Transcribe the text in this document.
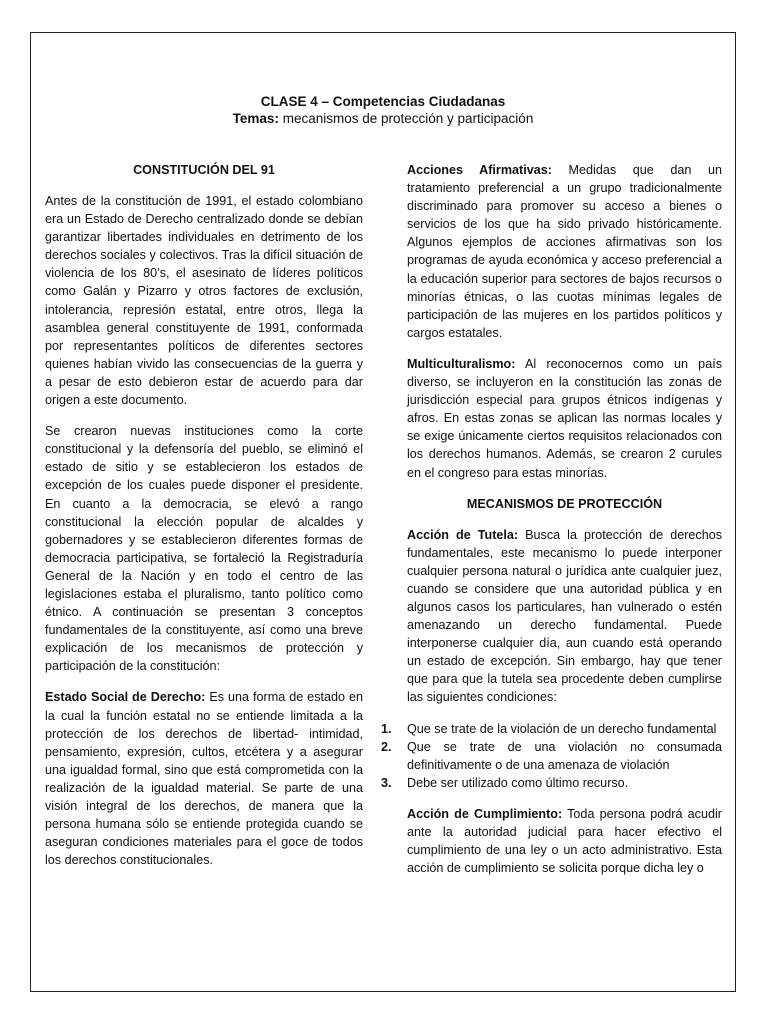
CLASE 4 – Competencias Ciudadanas
Temas: mecanismos de protección y participación
CONSTITUCIÓN DEL 91

Antes de la constitución de 1991, el estado colombiano era un Estado de Derecho centralizado donde se debían garantizar libertades individuales en detrimento de los derechos sociales y colectivos. Tras la difícil situación de violencia de los 80’s, el asesinato de líderes políticos como Galán y Pizarro y otros factores de exclusión, intolerancia, represión estatal, entre otros, llega la asamblea general constituyente de 1991, conformada por representantes políticos de diferentes sectores quienes habían vivido las consecuencias de la guerra y a pesar de esto debieron estar de acuerdo para dar origen a este documento.

Se crearon nuevas instituciones como la corte constitucional y la defensoría del pueblo, se eliminó el estado de sitio y se establecieron los estados de excepción de los cuales puede disponer el presidente. En cuanto a la democracia, se elevó a rango constitucional la elección popular de alcaldes y gobernadores y se establecieron diferentes formas de democracia participativa, se fortaleció la Registraduría General de la Nación y en todo el centro de las legislaciones estaba el pluralismo, tanto político como étnico. A continuación se presentan 3 conceptos fundamentales de la constituyente, así como una breve explicación de los mecanismos de protección y participación de la constitución:

Estado Social de Derecho: Es una forma de estado en la cual la función estatal no se entiende limitada a la protección de los derechos de libertad- intimidad, pensamiento, expresión, cultos, etcétera y a asegurar una igualdad formal, sino que está comprometida con la realización de la igualdad material. Se parte de una visión integral de los derechos, de manera que la persona humana sólo se entiende protegida cuando se aseguran condiciones materiales para el goce de todos los derechos constitucionales.

Acciones Afirmativas: Medidas que dan un tratamiento preferencial a un grupo tradicionalmente discriminado para promover su acceso a bienes o servicios de los que ha sido privado históricamente. Algunos ejemplos de acciones afirmativas son los programas de ayuda económica y acceso preferencial a la educación superior para sectores de bajos recursos o minorías étnicas, o las cuotas mínimas legales de participación de las mujeres en los partidos políticos y cargos estatales.

Multiculturalismo: Al reconocernos como un país diverso, se incluyeron en la constitución las zonas de jurisdicción especial para grupos étnicos indígenas y afros. En estas zonas se aplican las normas locales y se exige únicamente ciertos requisitos relacionados con los derechos humanos. Además, se crearon 2 curules en el congreso para estas minorías.

MECANISMOS DE PROTECCIÓN

Acción de Tutela: Busca la protección de derechos fundamentales, este mecanismo lo puede interponer cualquier persona natural o jurídica ante cualquier juez, cuando se considere que una autoridad pública y en algunos casos los particulares, han vulnerado o estén amenazando un derecho fundamental. Puede interponerse cualquier día, aun cuando está operando un estado de excepción. Sin embargo, hay que tener que para que la tutela sea procedente deben cumplirse las siguientes condiciones:

1. Que se trate de la violación de un derecho fundamental
2. Que se trate de una violación no consumada definitivamente o de una amenaza de violación
3. Debe ser utilizado como último recurso.

Acción de Cumplimiento: Toda persona podrá acudir ante la autoridad judicial para hacer efectivo el cumplimiento de una ley o un acto administrativo. Esta acción de cumplimiento se solicita porque dicha ley o
